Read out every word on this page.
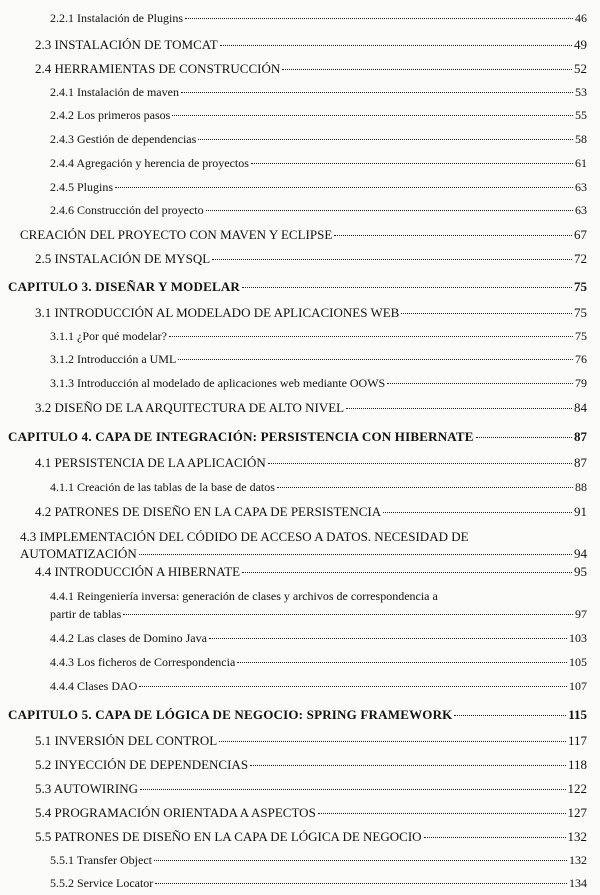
2.2.1 Instalación de Plugins	46
2.3 INSTALACIÓN DE TOMCAT	49
2.4 HERRAMIENTAS DE CONSTRUCCIÓN	52
2.4.1 Instalación de maven	53
2.4.2 Los primeros pasos	55
2.4.3 Gestión de dependencias	58
2.4.4 Agregación y herencia de proyectos	61
2.4.5 Plugins	63
2.4.6 Construcción del proyecto	63
CREACIÓN DEL PROYECTO CON MAVEN Y ECLIPSE	67
2.5 INSTALACIÓN DE MYSQL	72
CAPITULO 3. DISEÑAR Y MODELAR	75
3.1 INTRODUCCIÓN AL MODELADO DE APLICACIONES WEB	75
3.1.1 ¿Por qué modelar?	75
3.1.2 Introducción a UML	76
3.1.3 Introducción al modelado de aplicaciones web mediante OOWS	79
3.2 DISEÑO DE LA ARQUITECTURA DE ALTO NIVEL	84
CAPITULO 4. CAPA DE INTEGRACIÓN: PERSISTENCIA CON HIBERNATE	87
4.1 PERSISTENCIA DE LA APLICACIÓN	87
4.1.1 Creación de las tablas de la base de datos	88
4.2 PATRONES DE DISEÑO EN LA CAPA DE PERSISTENCIA	91
4.3 IMPLEMENTACIÓN DEL CÓDIDO DE ACCESO A DATOS. NECESIDAD DE
AUTOMATIZACIÓN	94
4.4 INTRODUCCIÓN A HIBERNATE	95
4.4.1 Reingeniería inversa: generación de clases y archivos de correspondencia a
partir de tablas	97
4.4.2 Las clases de Domino Java	103
4.4.3 Los ficheros de Correspondencia	105
4.4.4 Clases DAO	107
CAPITULO 5. CAPA DE LÓGICA DE NEGOCIO: SPRING FRAMEWORK	115
5.1 INVERSIÓN DEL CONTROL	117
5.2 INYECCIÓN DE DEPENDENCIAS	118
5.3 AUTOWIRING	122
5.4 PROGRAMACIÓN ORIENTADA A ASPECTOS	127
5.5 PATRONES DE DISEÑO EN LA CAPA DE LÓGICA DE NEGOCIO	132
5.5.1 Transfer Object	132
5.5.2 Service Locator	134
